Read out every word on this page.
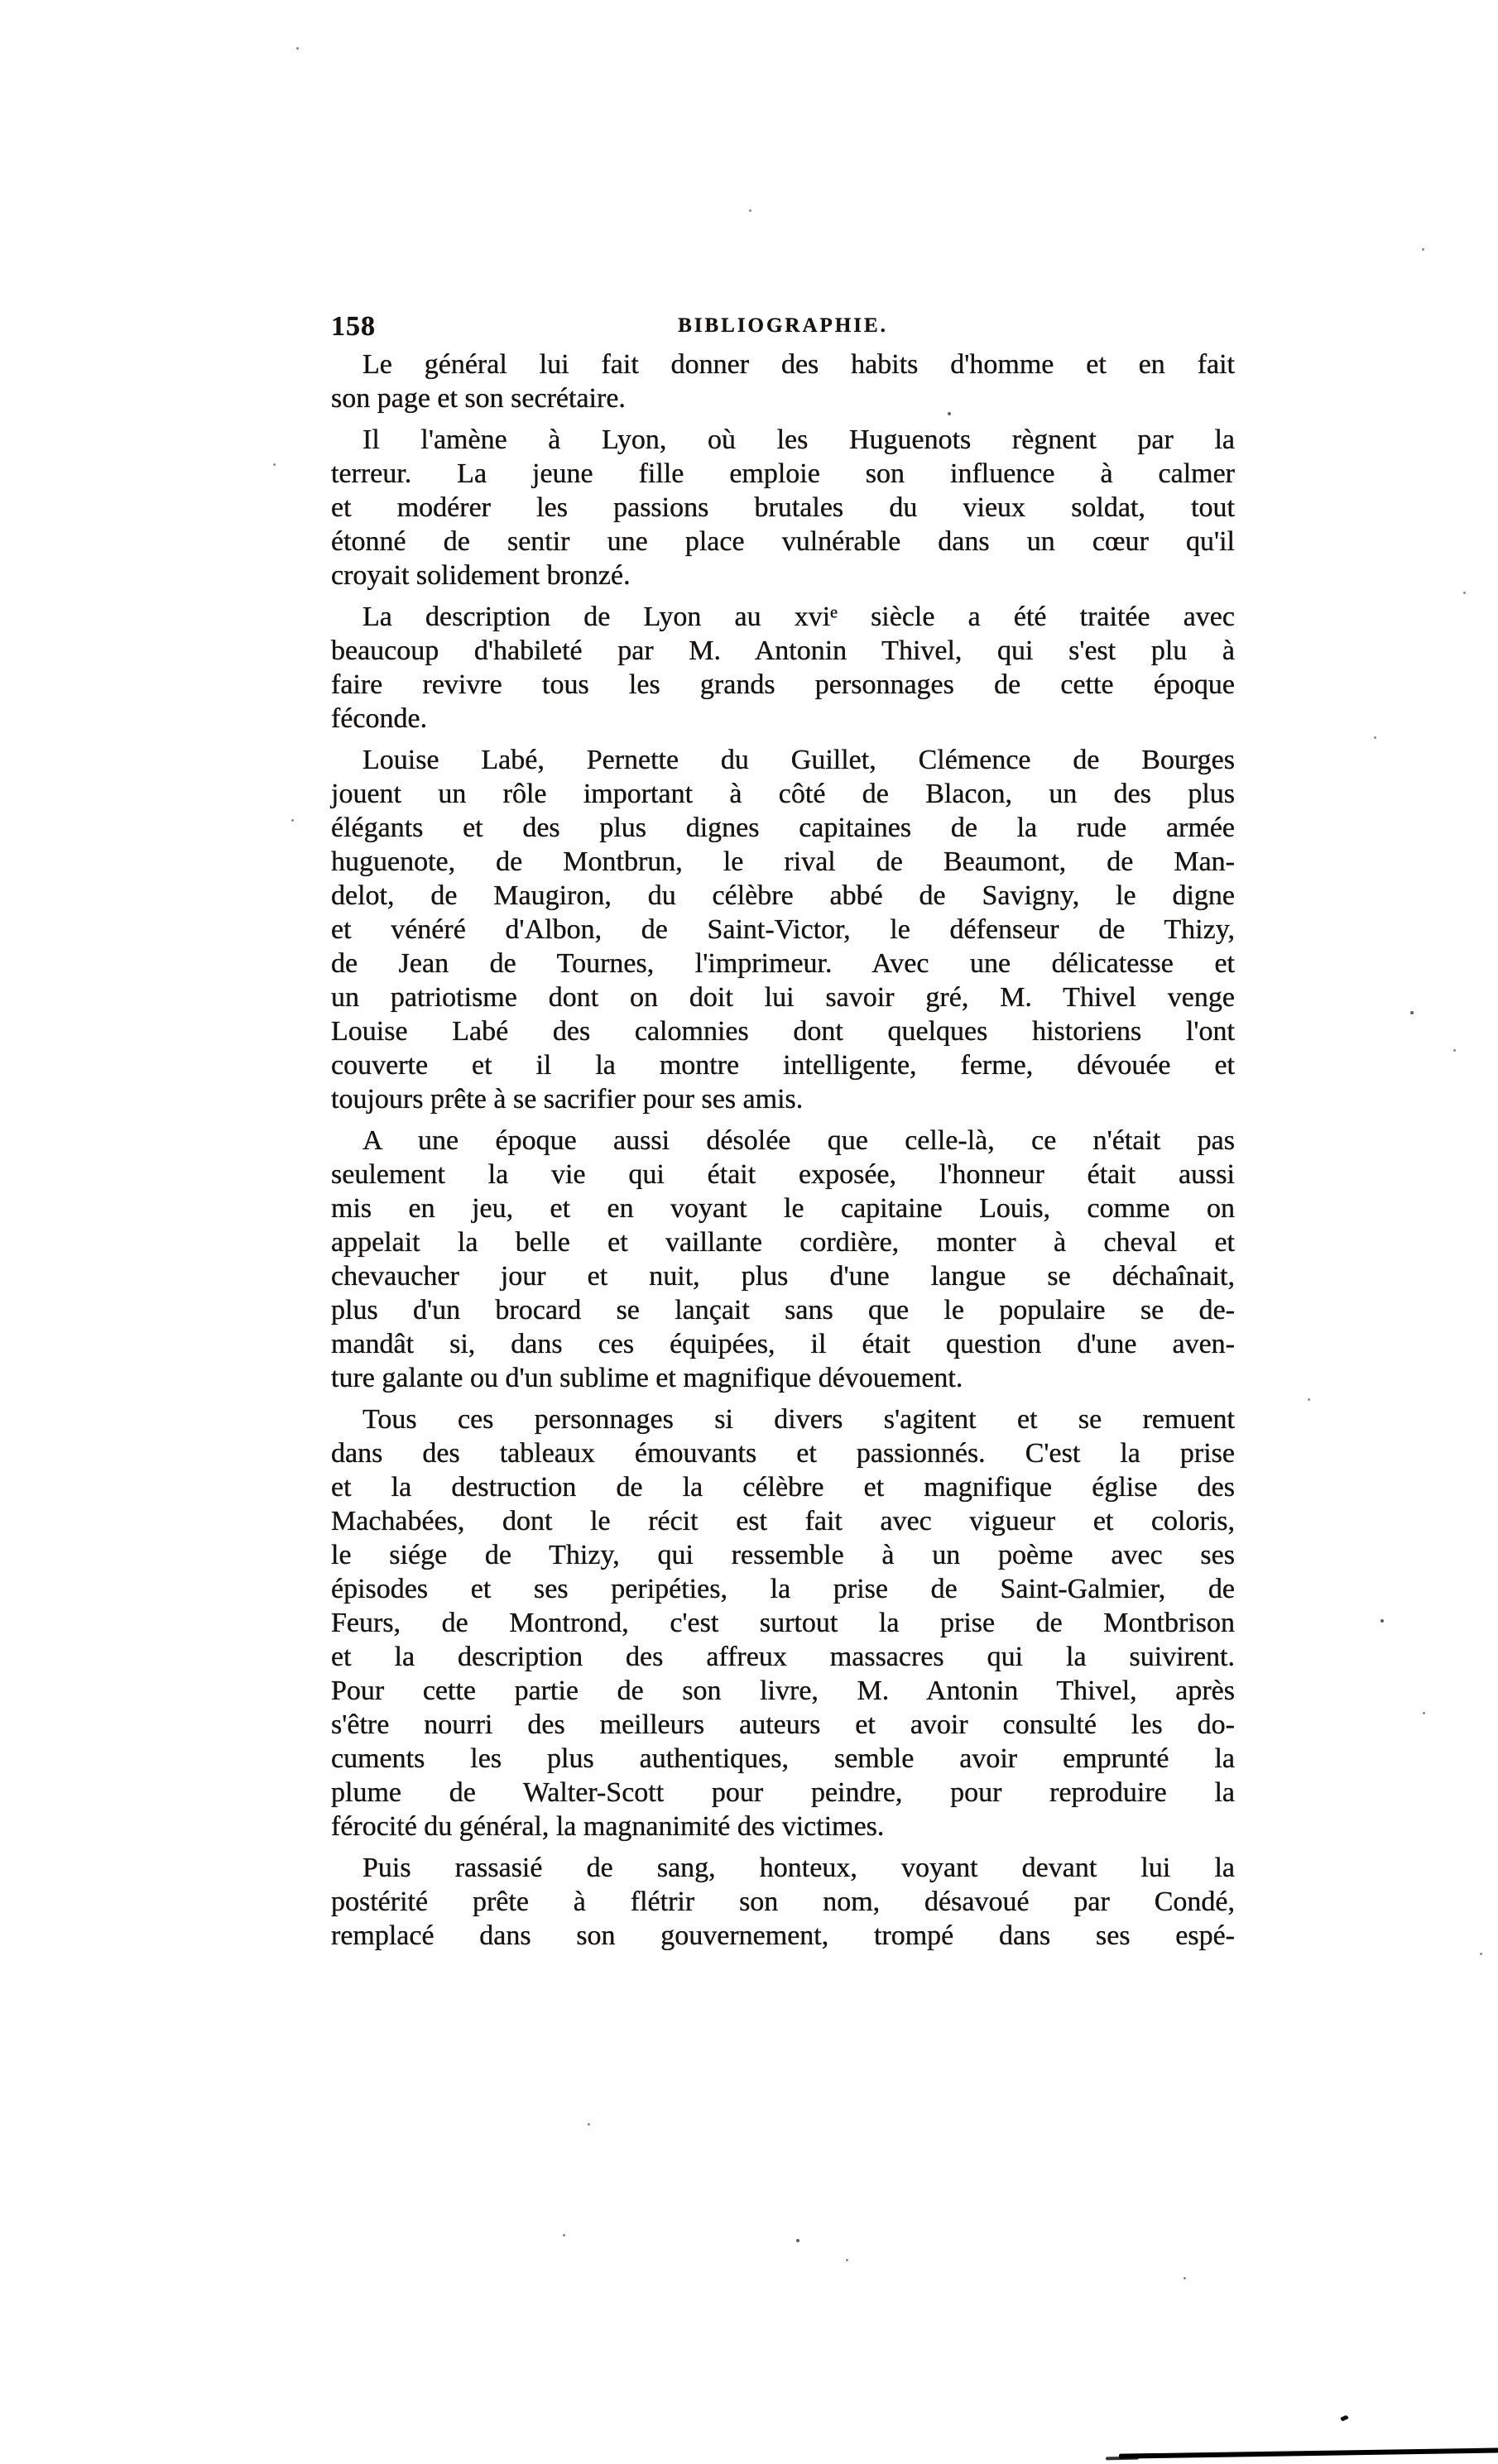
158	BIBLIOGRAPHIE.
Le général lui fait donner des habits d'homme et en fait
son page et son secrétaire.
Il l'amène à Lyon, où les Huguenots règnent par la
terreur. La jeune fille emploie son influence à calmer
et modérer les passions brutales du vieux soldat, tout
étonné de sentir une place vulnérable dans un cœur qu'il
croyait solidement bronzé.
La description de Lyon au xviᵉ siècle a été traitée avec
beaucoup d'habileté par M. Antonin Thivel, qui s'est plu à
faire revivre tous les grands personnages de cette époque
féconde.
Louise Labé, Pernette du Guillet, Clémence de Bourges
jouent un rôle important à côté de Blacon, un des plus
élégants et des plus dignes capitaines de la rude armée
huguenote, de Montbrun, le rival de Beaumont, de Man-
delot, de Maugiron, du célèbre abbé de Savigny, le digne
et vénéré d'Albon, de Saint-Victor, le défenseur de Thizy,
de Jean de Tournes, l'imprimeur. Avec une délicatesse et
un patriotisme dont on doit lui savoir gré, M. Thivel venge
Louise Labé des calomnies dont quelques historiens l'ont
couverte et il la montre intelligente, ferme, dévouée et
toujours prête à se sacrifier pour ses amis.
A une époque aussi désolée que celle-là, ce n'était pas
seulement la vie qui était exposée, l'honneur était aussi
mis en jeu, et en voyant le capitaine Louis, comme on
appelait la belle et vaillante cordière, monter à cheval et
chevaucher jour et nuit, plus d'une langue se déchaînait,
plus d'un brocard se lançait sans que le populaire se de-
mandât si, dans ces équipées, il était question d'une aven-
ture galante ou d'un sublime et magnifique dévouement.
Tous ces personnages si divers s'agitent et se remuent
dans des tableaux émouvants et passionnés. C'est la prise
et la destruction de la célèbre et magnifique église des
Machabées, dont le récit est fait avec vigueur et coloris,
le siége de Thizy, qui ressemble à un poème avec ses
épisodes et ses peripéties, la prise de Saint-Galmier, de
Feurs, de Montrond, c'est surtout la prise de Montbrison
et la description des affreux massacres qui la suivirent.
Pour cette partie de son livre, M. Antonin Thivel, après
s'être nourri des meilleurs auteurs et avoir consulté les do-
cuments les plus authentiques, semble avoir emprunté la
plume de Walter-Scott pour peindre, pour reproduire la
férocité du général, la magnanimité des victimes.
Puis rassasié de sang, honteux, voyant devant lui la
postérité prête à flétrir son nom, désavoué par Condé,
remplacé dans son gouvernement, trompé dans ses espé-
